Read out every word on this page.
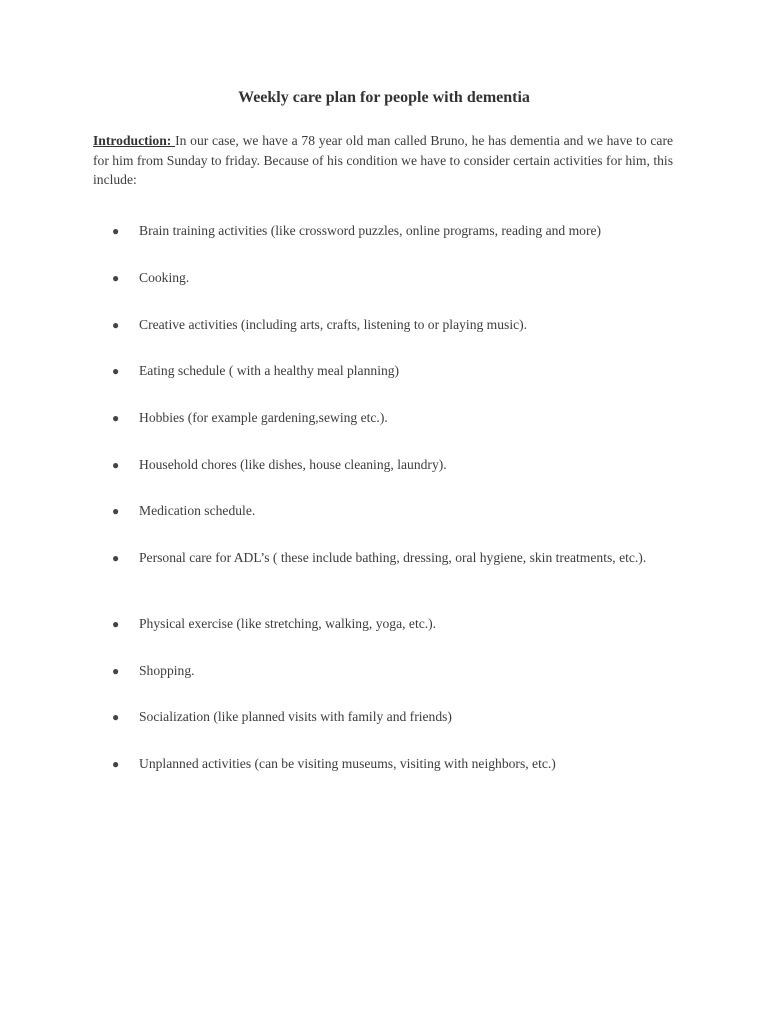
Weekly care plan for people with dementia

Introduction: In our case, we have a 78 year old man called Bruno, he has dementia and we have to care for him from Sunday to friday. Because of his condition we have to consider certain activities for him, this include:

●	Brain training activities (like crossword puzzles, online programs, reading and more)
●	Cooking.
●	Creative activities (including arts, crafts, listening to or playing music).
●	Eating schedule ( with a healthy meal planning)
●	Hobbies (for example gardening,sewing etc.).
●	Household chores (like dishes, house cleaning, laundry).
●	Medication schedule.
●	Personal care for ADL’s ( these include bathing, dressing, oral hygiene, skin treatments, etc.).
●	Physical exercise (like stretching, walking, yoga, etc.).
●	Shopping.
●	Socialization (like planned visits with family and friends)
●	Unplanned activities (can be visiting museums, visiting with neighbors, etc.)
